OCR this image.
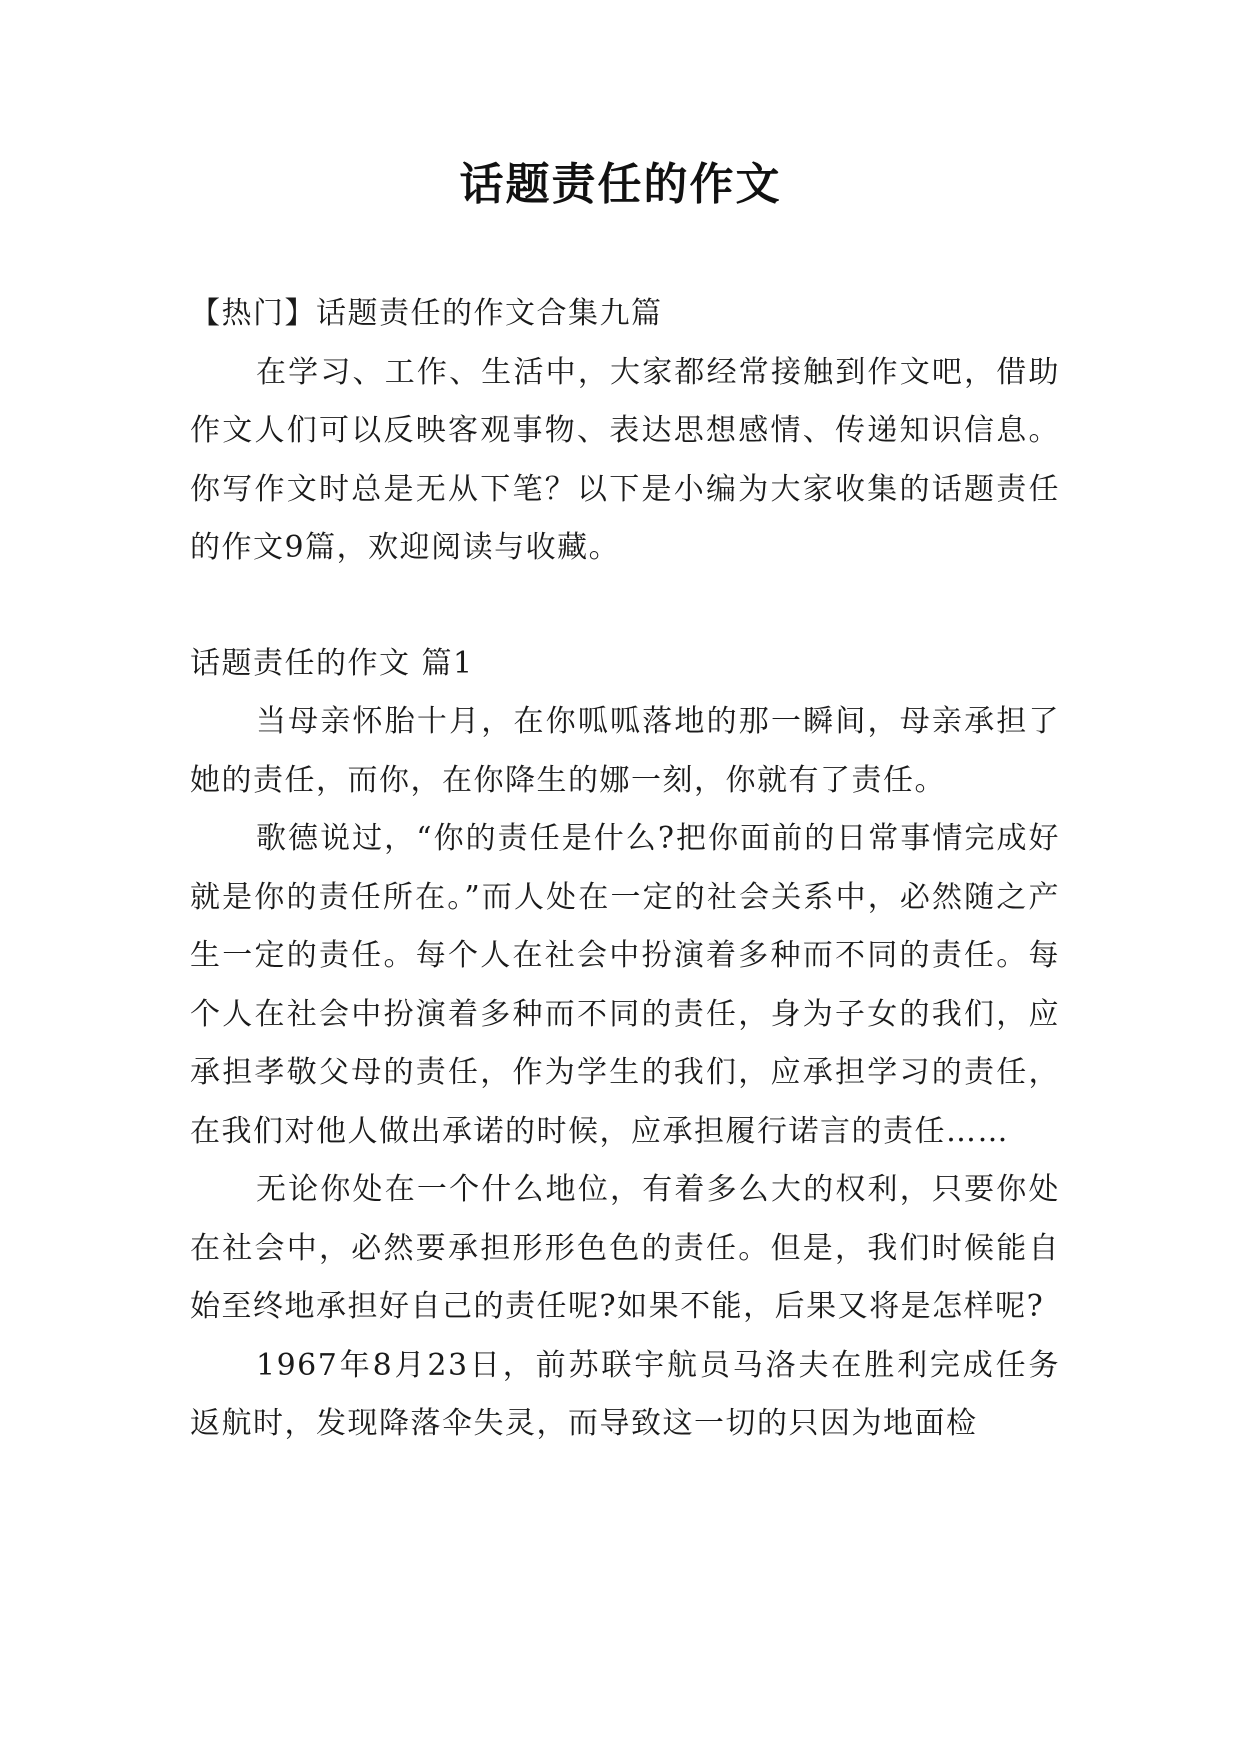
话题责任的作文

【热门】话题责任的作文合集九篇

在学习、工作、生活中，大家都经常接触到作文吧，借助作文人们可以反映客观事物、表达思想感情、传递知识信息。你写作文时总是无从下笔？以下是小编为大家收集的话题责任的作文9篇，欢迎阅读与收藏。

话题责任的作文 篇1

当母亲怀胎十月，在你呱呱落地的那一瞬间，母亲承担了她的责任，而你，在你降生的娜一刻，你就有了责任。

歌德说过，“你的责任是什么?把你面前的日常事情完成好就是你的责任所在。”而人处在一定的社会关系中，必然随之产生一定的责任。每个人在社会中扮演着多种而不同的责任。每个人在社会中扮演着多种而不同的责任，身为子女的我们，应承担孝敬父母的责任，作为学生的我们，应承担学习的责任，在我们对他人做出承诺的时候，应承担履行诺言的责任……

无论你处在一个什么地位，有着多么大的权利，只要你处在社会中，必然要承担形形色色的责任。但是，我们时候能自始至终地承担好自己的责任呢?如果不能，后果又将是怎样呢?

1967年8月23日，前苏联宇航员马洛夫在胜利完成任务返航时，发现降落伞失灵，而导致这一切的只因为地面检
